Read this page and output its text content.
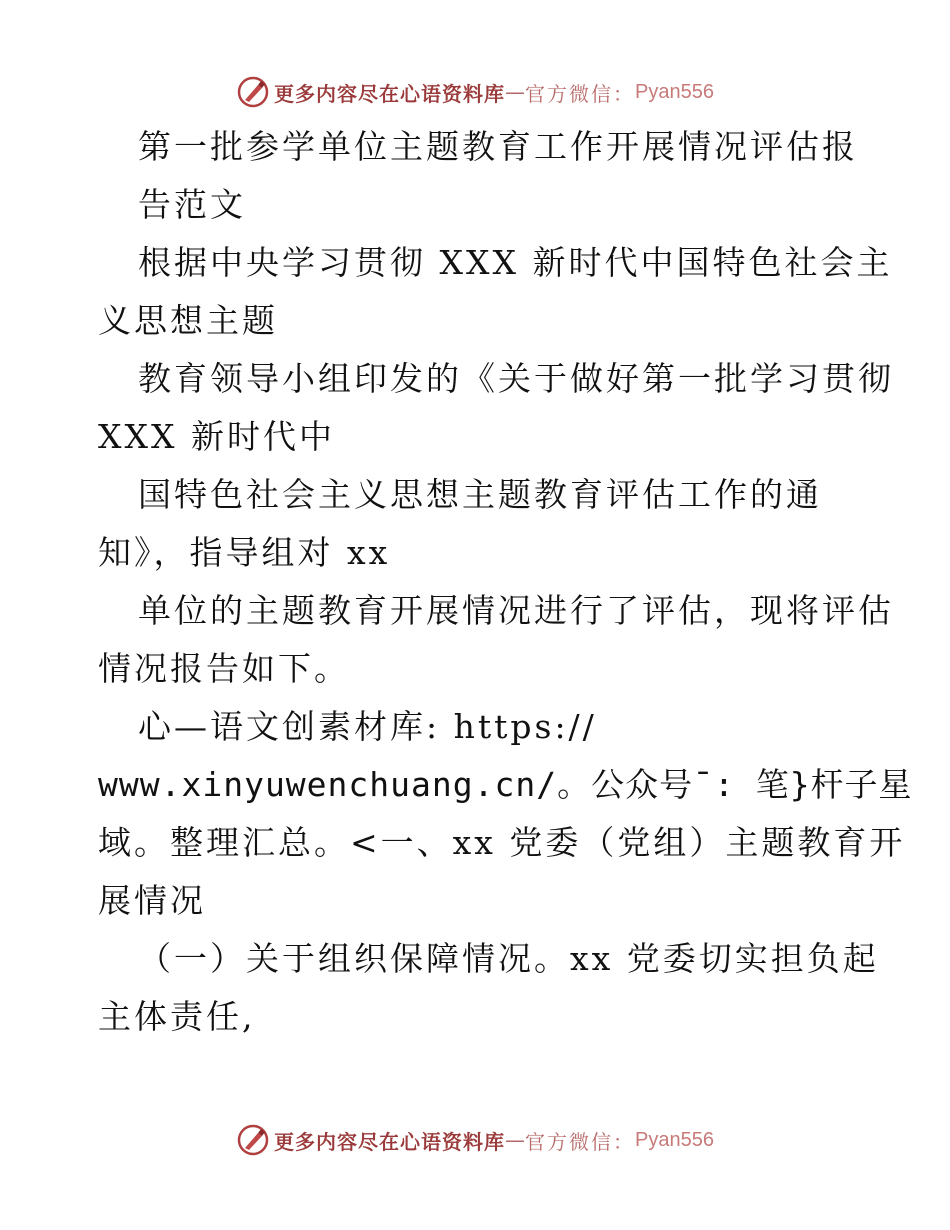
更多内容尽在心语资料库 — 官方微信： Pyan556
第一批参学单位主题教育工作开展情况评估报
告范文
根据中央学习贯彻 XXX 新时代中国特色社会主
义思想主题
教育领导小组印发的《关于做好第一批学习贯彻
XXX 新时代中
国特色社会主义思想主题教育评估工作的通
知》，指导组对 xx
单位的主题教育开展情况进行了评估，现将评估
情况报告如下。
心—语文创素材库: https://
www.xinyuwenchuang.cn/。公众号¯: 笔}杆子星
域。整理汇总。<一、xx 党委（党组）主题教育开
展情况
（一）关于组织保障情况。xx 党委切实担负起
主体责任,
更多内容尽在心语资料库 — 官方微信： Pyan556
